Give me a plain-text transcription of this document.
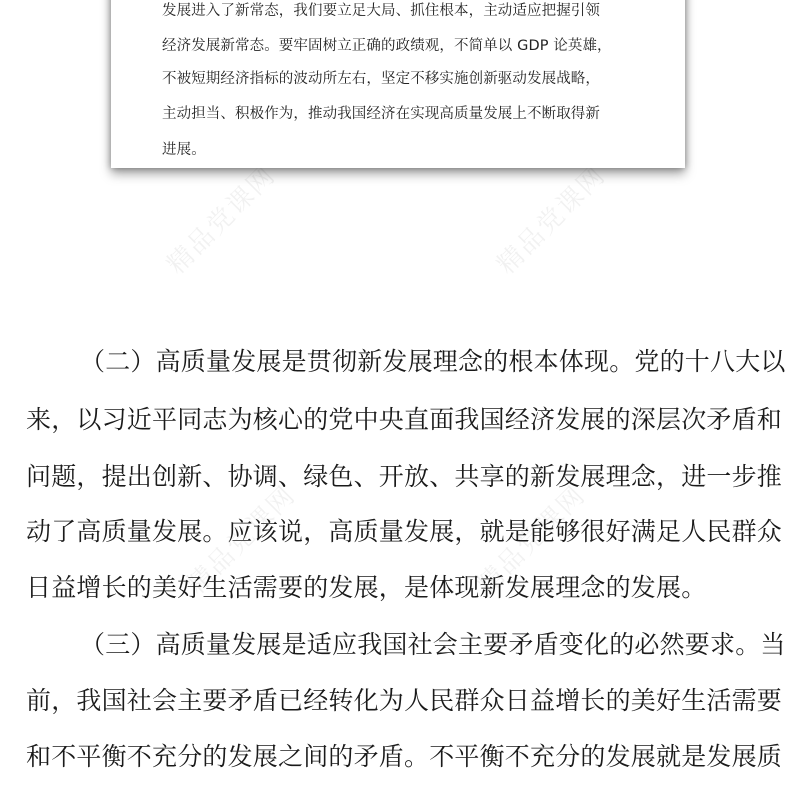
精品党课网	精品党课网
精品党课网	精品党课网
发展进入了新常态，我们要立足大局、抓住根本，主动适应把握引领
经济发展新常态。要牢固树立正确的政绩观，不简单以 GDP 论英雄，
不被短期经济指标的波动所左右，坚定不移实施创新驱动发展战略，
主动担当、积极作为，推动我国经济在实现高质量发展上不断取得新
进展。
（二）高质量发展是贯彻新发展理念的根本体现。党的十八大以
来，以习近平同志为核心的党中央直面我国经济发展的深层次矛盾和
问题，提出创新、协调、绿色、开放、共享的新发展理念，进一步推
动了高质量发展。应该说，高质量发展，就是能够很好满足人民群众
日益增长的美好生活需要的发展，是体现新发展理念的发展。
（三）高质量发展是适应我国社会主要矛盾变化的必然要求。当
前，我国社会主要矛盾已经转化为人民群众日益增长的美好生活需要
和不平衡不充分的发展之间的矛盾。不平衡不充分的发展就是发展质
